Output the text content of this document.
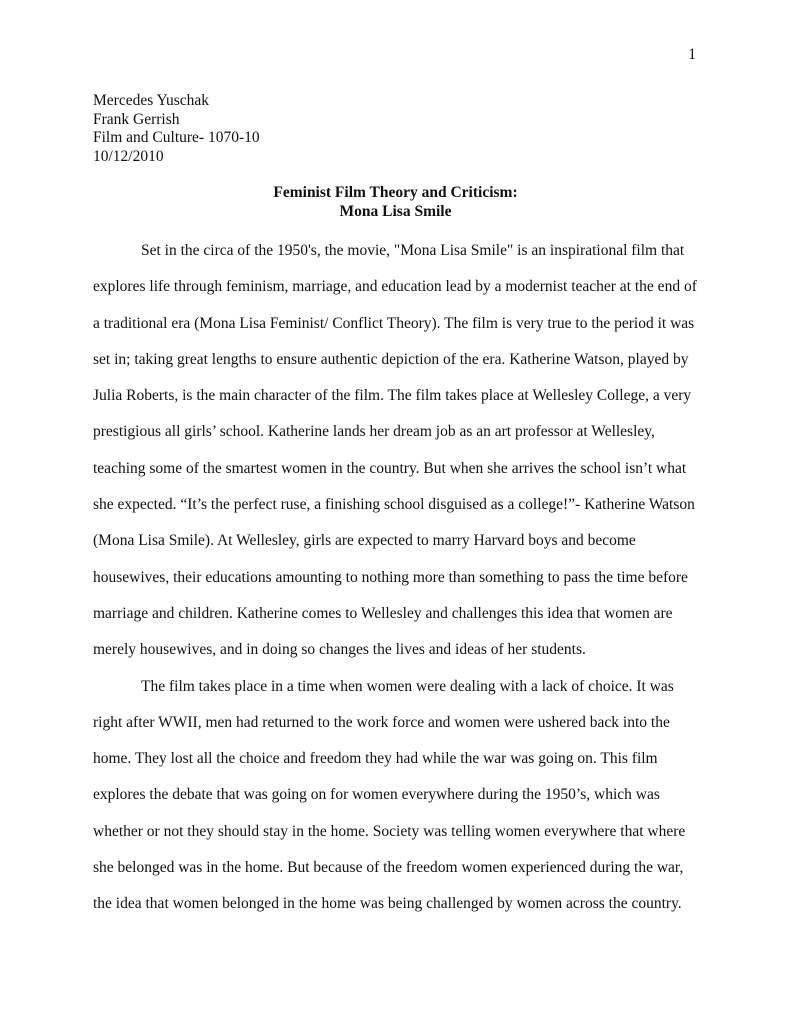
1
Mercedes Yuschak
Frank Gerrish
Film and Culture- 1070-10
10/12/2010
Feminist Film Theory and Criticism:
Mona Lisa Smile
Set in the circa of the 1950's, the movie, "Mona Lisa Smile" is an inspirational film that
explores life through feminism, marriage, and education lead by a modernist teacher at the end of
a traditional era (Mona Lisa Feminist/ Conflict Theory). The film is very true to the period it was
set in; taking great lengths to ensure authentic depiction of the era. Katherine Watson, played by
Julia Roberts, is the main character of the film. The film takes place at Wellesley College, a very
prestigious all girls’ school. Katherine lands her dream job as an art professor at Wellesley,
teaching some of the smartest women in the country. But when she arrives the school isn’t what
she expected. “It’s the perfect ruse, a finishing school disguised as a college!”- Katherine Watson
(Mona Lisa Smile). At Wellesley, girls are expected to marry Harvard boys and become
housewives, their educations amounting to nothing more than something to pass the time before
marriage and children. Katherine comes to Wellesley and challenges this idea that women are
merely housewives, and in doing so changes the lives and ideas of her students.
The film takes place in a time when women were dealing with a lack of choice. It was
right after WWII, men had returned to the work force and women were ushered back into the
home. They lost all the choice and freedom they had while the war was going on. This film
explores the debate that was going on for women everywhere during the 1950’s, which was
whether or not they should stay in the home. Society was telling women everywhere that where
she belonged was in the home. But because of the freedom women experienced during the war,
the idea that women belonged in the home was being challenged by women across the country.
